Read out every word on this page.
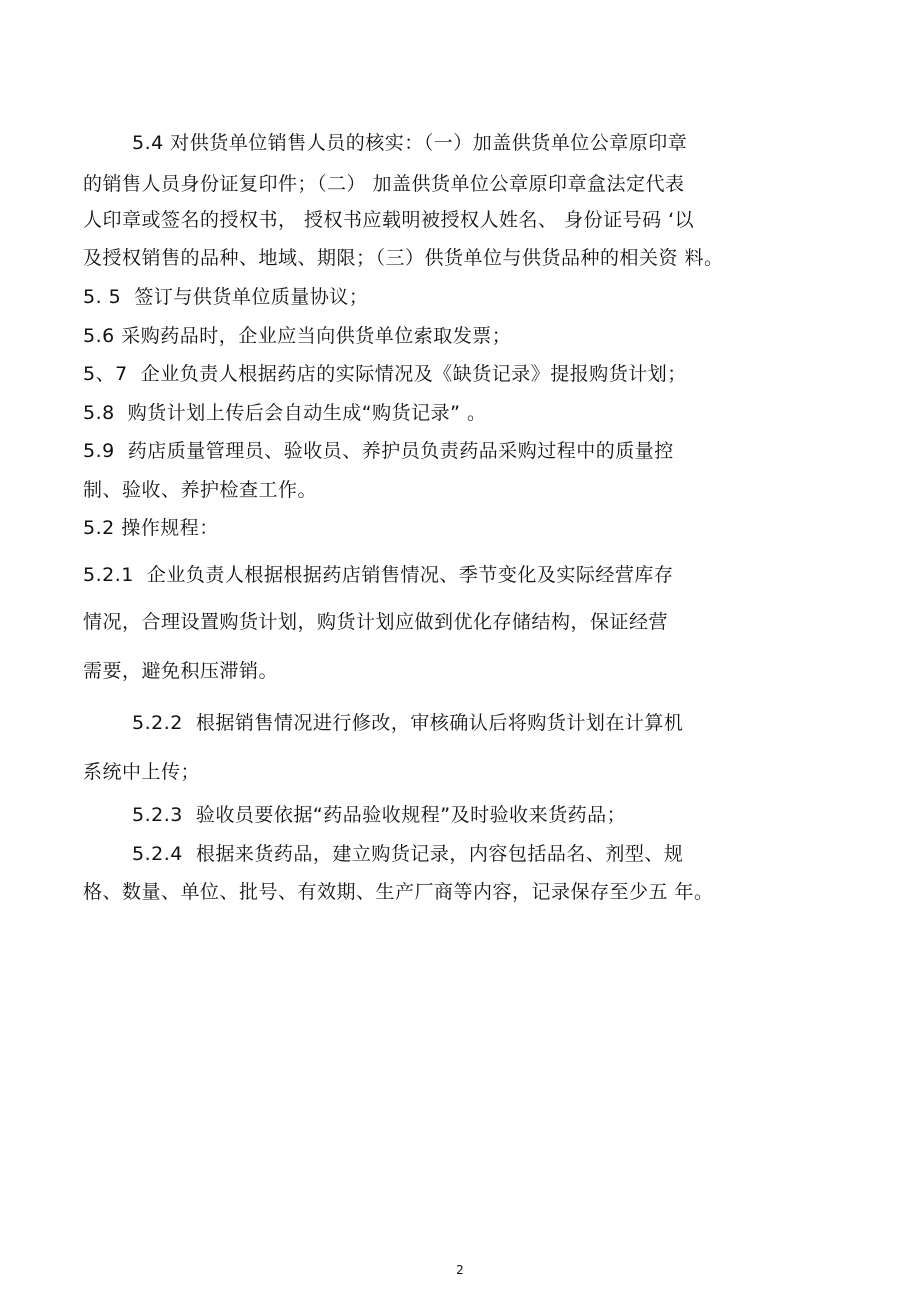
5.4 对供货单位销售人员的核实：（一）加盖供货单位公章原印章
的销售人员身份证复印件；（二） 加盖供货单位公章原印章盒法定代表
人印章或签名的授权书， 授权书应载明被授权人姓名、 身份证号码 ‘以
及授权销售的品种、地域、期限；（三）供货单位与供货品种的相关资 料。
5. 5  签订与供货单位质量协议；
5.6 采购药品时，企业应当向供货单位索取发票；
5、7  企业负责人根据药店的实际情况及《缺货记录》提报购货计划；
5.8  购货计划上传后会自动生成“购货记录” 。
5.9  药店质量管理员、验收员、养护员负责药品采购过程中的质量控
制、验收、养护检查工作。
5.2 操作规程：
5.2.1  企业负责人根据根据药店销售情况、季节变化及实际经营库存
情况，合理设置购货计划，购货计划应做到优化存储结构，保证经营
需要，避免积压滞销。
5.2.2  根据销售情况进行修改，审核确认后将购货计划在计算机
系统中上传；
5.2.3  验收员要依据“药品验收规程”及时验收来货药品；
5.2.4  根据来货药品，建立购货记录，内容包括品名、剂型、规
格、数量、单位、批号、有效期、生产厂商等内容，记录保存至少五 年。
2
